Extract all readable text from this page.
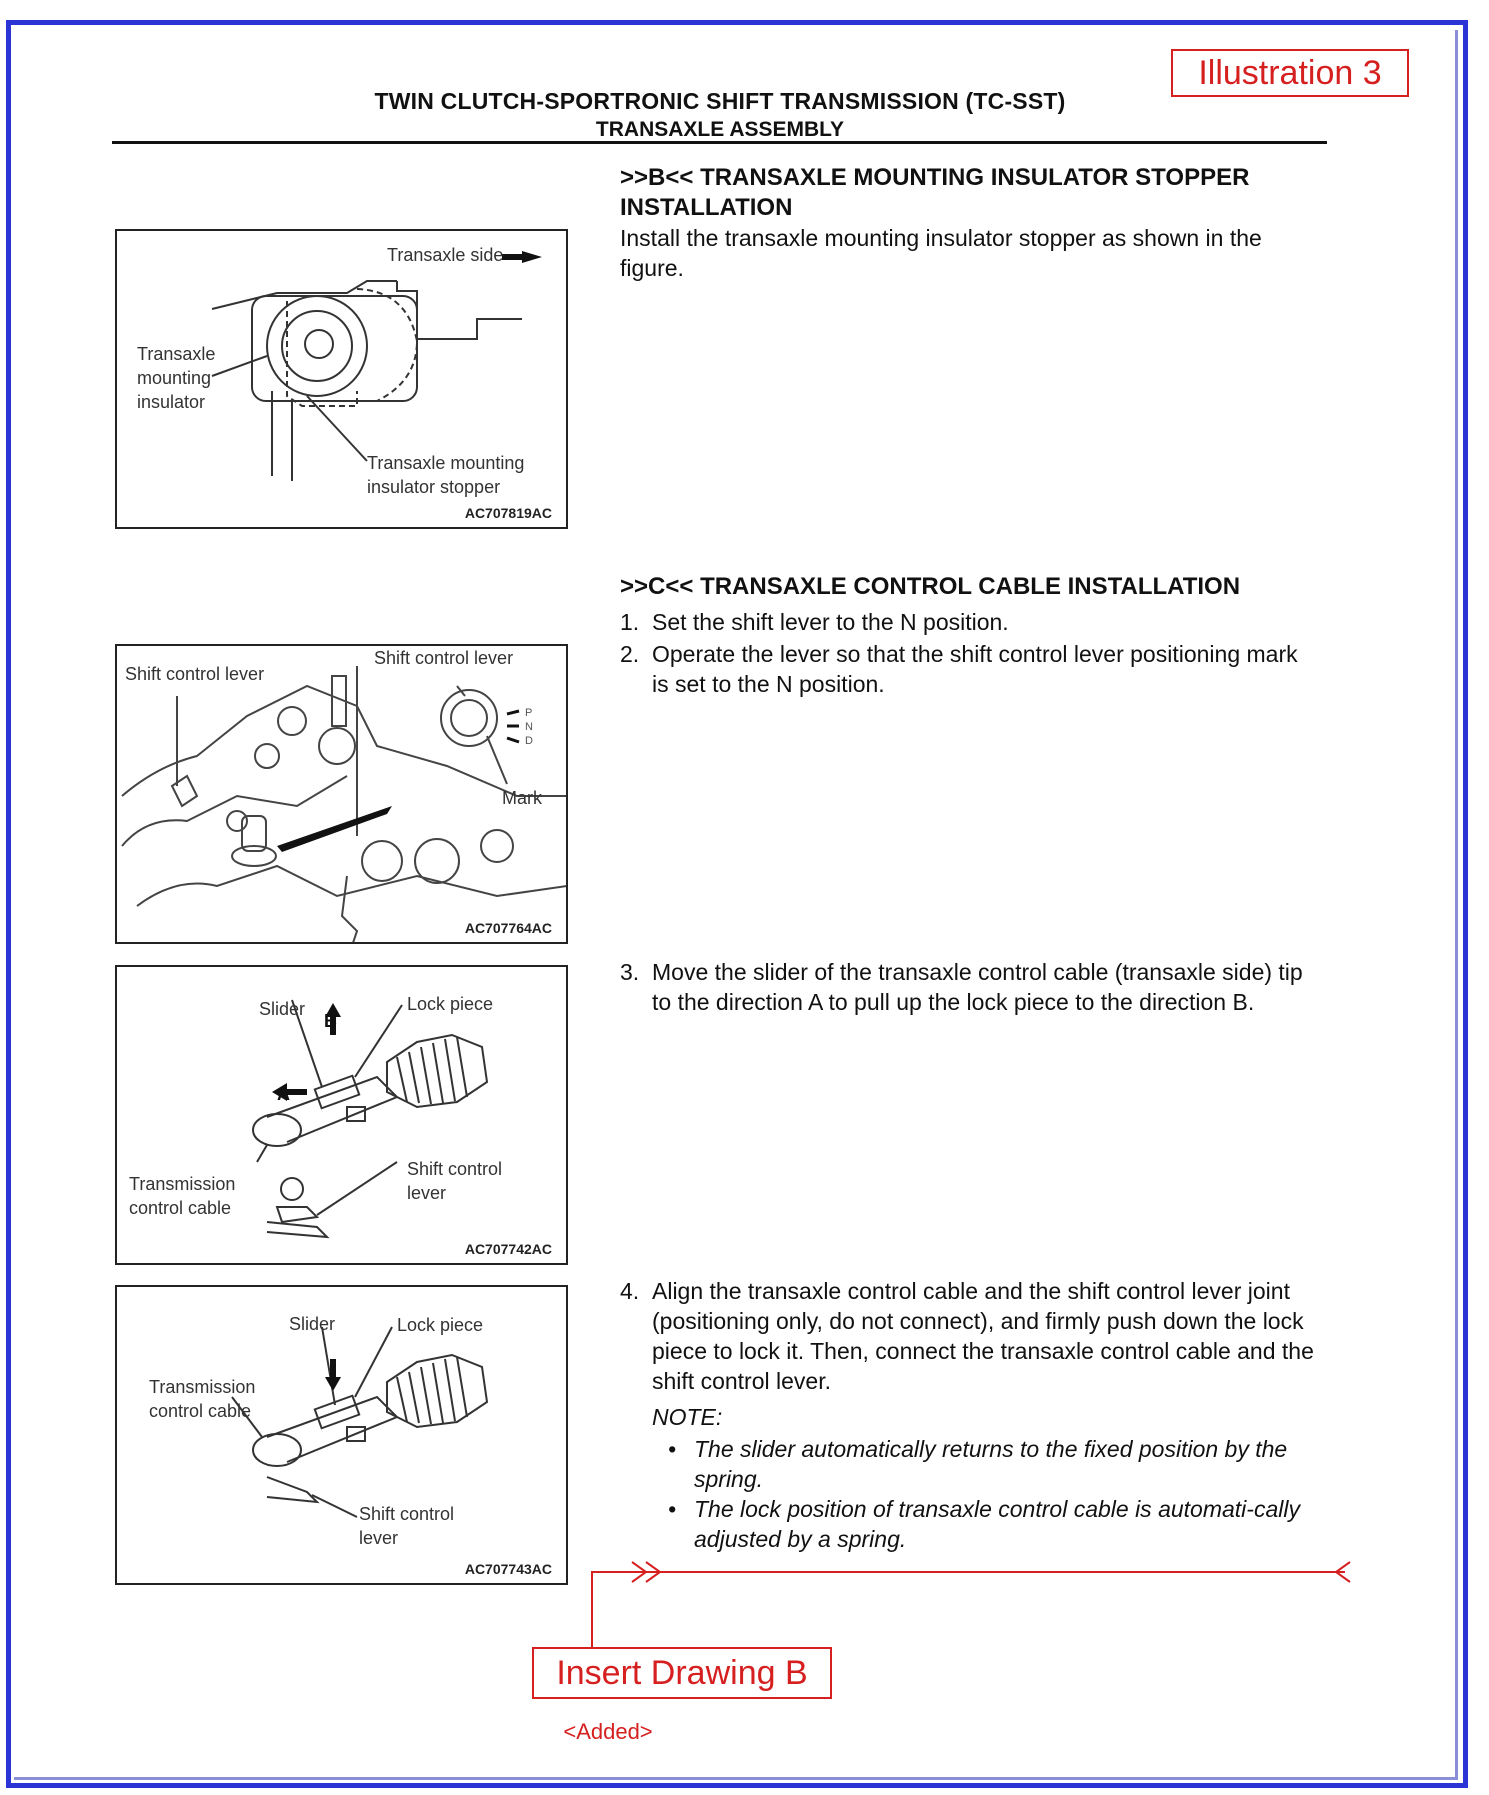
Illustration 3
TWIN CLUTCH-SPORTRONIC SHIFT TRANSMISSION (TC-SST)
TRANSAXLE ASSEMBLY
>>B<< TRANSAXLE MOUNTING INSULATOR STOPPER
INSTALLATION
Install the transaxle mounting insulator stopper as shown in the figure.
>>C<< TRANSAXLE CONTROL CABLE INSTALLATION
1. Set the shift lever to the N position.
2. Operate the lever so that the shift control lever positioning mark is set to the N position.
3. Move the slider of the transaxle control cable (transaxle side) tip to the direction A to pull up the lock piece to the direction B.
4. Align the transaxle control cable and the shift control lever joint (positioning only, do not connect), and firmly push down the lock piece to lock it. Then, connect the transaxle control cable and the shift control lever.
NOTE:
• The slider automatically returns to the fixed position by the spring.
• The lock position of transaxle control cable is automati-cally adjusted by a spring.
Transaxle side
Transaxle
mounting
insulator
Transaxle mounting
insulator stopper
AC707819AC
P
N
D
Shift control lever
Shift control lever
Mark
AC707764AC
Slider	Lock piece
B
A
Transmission
control cable
Shift control
lever
AC707742AC
Slider	Lock piece
Transmission
control cable
Shift control
lever
AC707743AC
Insert Drawing B
<Added>
